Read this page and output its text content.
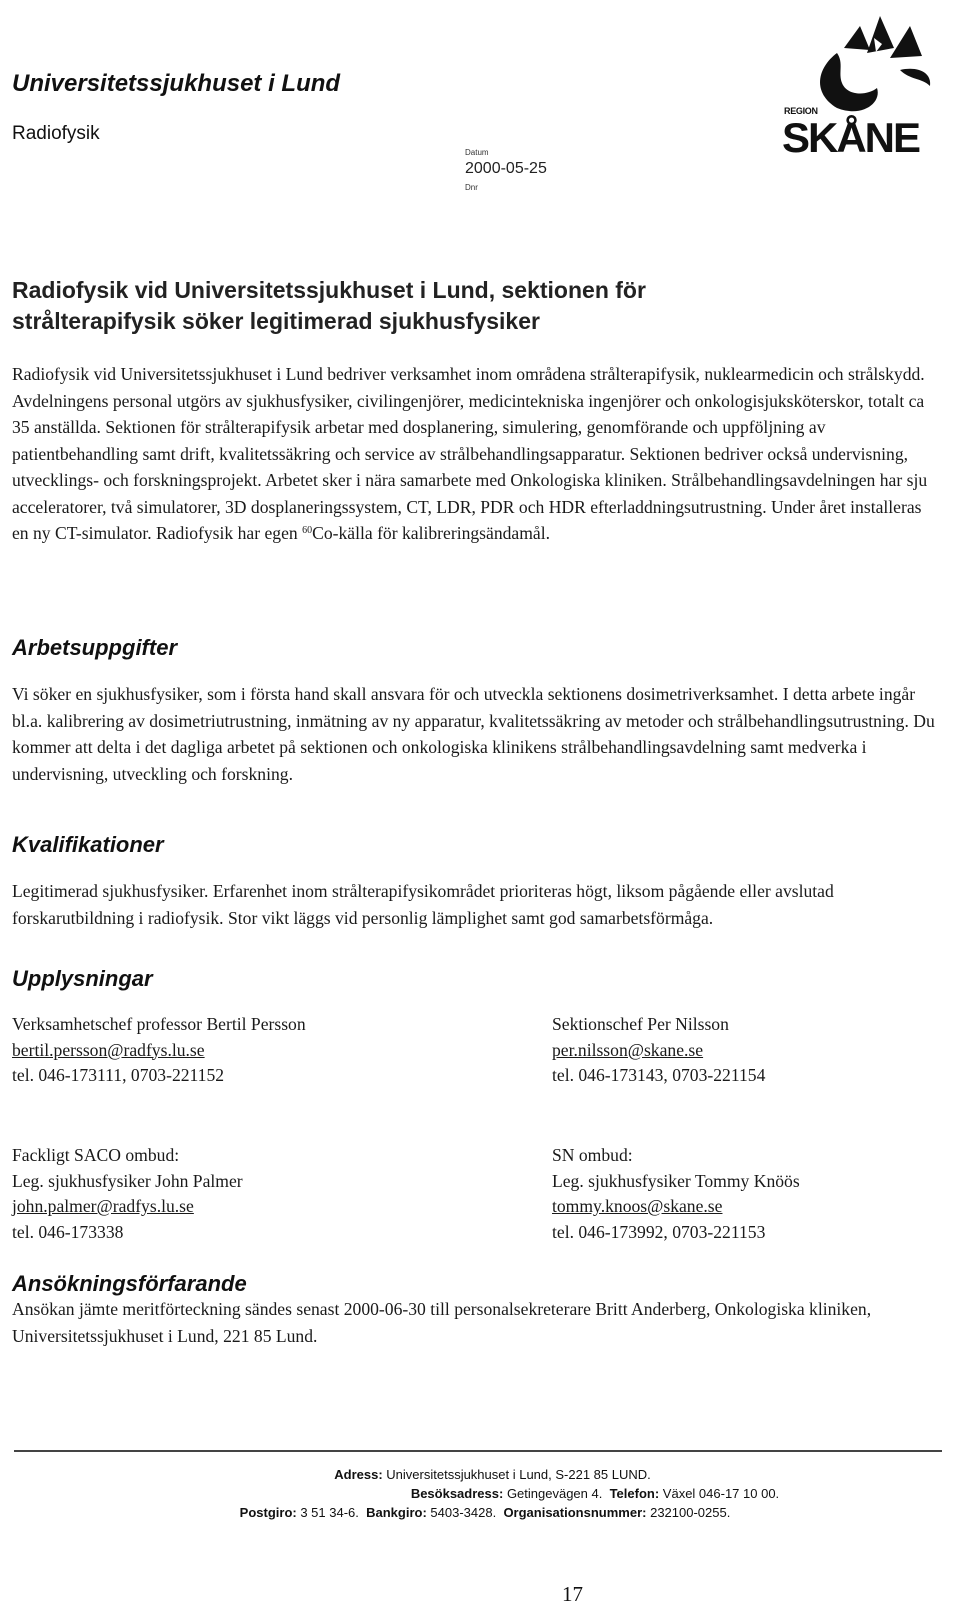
Universitetssjukhuset i Lund
Radiofysik
Datum
2000-05-25
Dnr
REGION
SKÅNE
Radiofysik vid Universitetssjukhuset i Lund, sektionen för
strålterapifysik söker legitimerad sjukhusfysiker

Radiofysik vid Universitetssjukhuset i Lund bedriver verksamhet inom områdena strålterapifysik, nuklearmedicin och strålskydd. Avdelningens personal utgörs av sjukhusfysiker, civilingenjörer, medicintekniska ingenjörer och onkologisjuksköterskor, totalt ca 35 anställda. Sektionen för strålterapifysik arbetar med dosplanering, simulering, genomförande och uppföljning av patientbehandling samt drift, kvalitetssäkring och service av strålbehandlingsapparatur. Sektionen bedriver också undervisning, utvecklings- och forskningsprojekt. Arbetet sker i nära samarbete med Onkologiska kliniken. Strålbehandlingsavdelningen har sju acceleratorer, två simulatorer, 3D dosplaneringssystem, CT, LDR, PDR och HDR efterladdningsutrustning. Under året installeras en ny CT-simulator. Radiofysik har egen $^{60}$Co-källa för kalibreringsändamål.

Arbetsuppgifter

Vi söker en sjukhusfysiker, som i första hand skall ansvara för och utveckla sektionens dosimetriverksamhet. I detta arbete ingår bl.a. kalibrering av dosimetriutrustning, inmätning av ny apparatur, kvalitetssäkring av metoder och strålbehandlingsutrustning. Du kommer att delta i det dagliga arbetet på sektionen och onkologiska klinikens strålbehandlingsavdelning samt medverka i undervisning, utveckling och forskning.

Kvalifikationer

Legitimerad sjukhusfysiker. Erfarenhet inom strålterapifysikområdet prioriteras högt, liksom pågående eller avslutad forskarutbildning i radiofysik. Stor vikt läggs vid personlig lämplighet samt god samarbetsförmåga.

Upplysningar
Verksamhetschef professor Bertil Persson
bertil.persson@radfys.lu.se
tel. 046-173111, 0703-221152
Sektionschef Per Nilsson
per.nilsson@skane.se
tel. 046-173143, 0703-221154
Fackligt SACO ombud:
Leg. sjukhusfysiker John Palmer
john.palmer@radfys.lu.se
tel. 046-173338
SN ombud:
Leg. sjukhusfysiker Tommy Knöös
tommy.knoos@skane.se
tel. 046-173992, 0703-221153
Ansökningsförfarande

Ansökan jämte meritförteckning sändes senast 2000-06-30 till personalsekreterare Britt Anderberg, Onkologiska kliniken, Universitetssjukhuset i Lund, 221 85 Lund.

Adress: Universitetssjukhuset i Lund, S-221 85 LUND.
Besöksadress: Getingevägen 4. Telefon: Växel 046-17 10 00.
Postgiro: 3 51 34-6. Bankgiro: 5403-3428. Organisationsnummer: 232100-0255.
17
